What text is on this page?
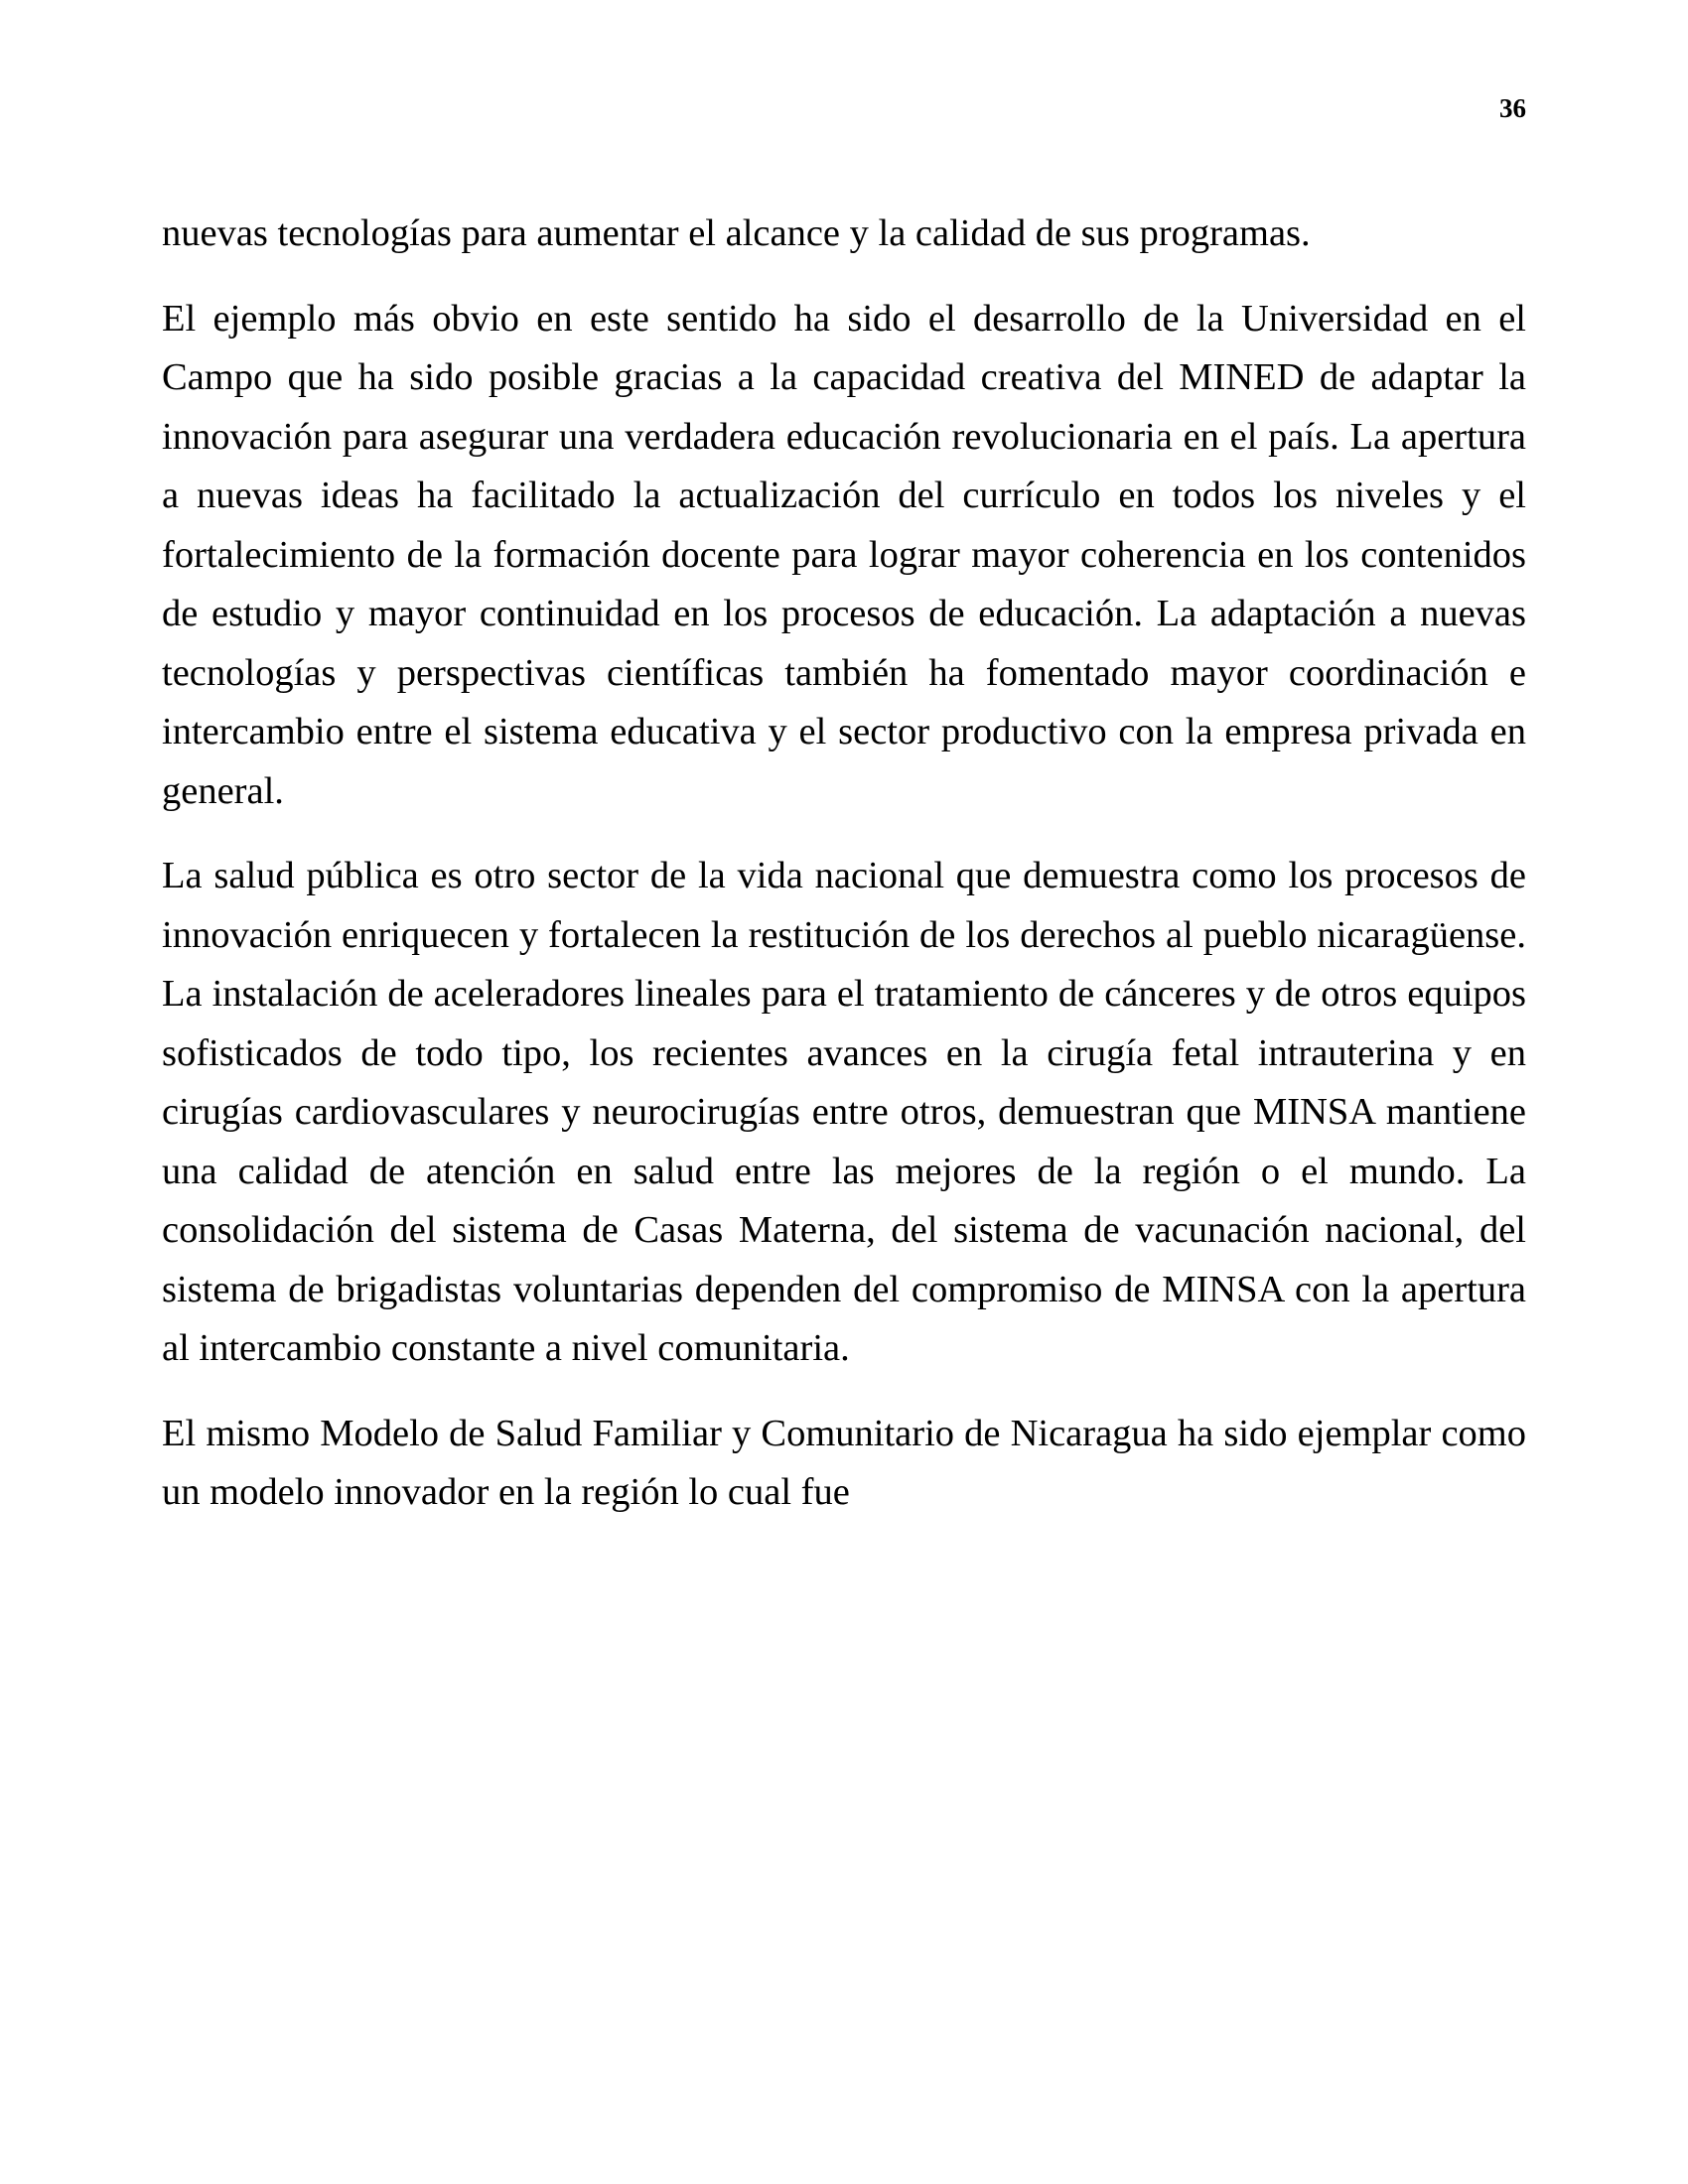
36

nuevas tecnologías para aumentar el alcance y la calidad de sus programas.

El ejemplo más obvio en este sentido ha sido el desarrollo de la Universidad en el Campo que ha sido posible gracias a la capacidad creativa del MINED de adaptar la innovación para asegurar una verdadera educación revolucionaria en el país. La apertura a nuevas ideas ha facilitado la actualización del currículo en todos los niveles y el fortalecimiento de la formación docente para lograr mayor coherencia en los contenidos de estudio y mayor continuidad en los procesos de educación. La adaptación a nuevas tecnologías y perspectivas científicas también ha fomentado mayor coordinación e intercambio entre el sistema educativa y el sector productivo con la empresa privada en general.

La salud pública es otro sector de la vida nacional que demuestra como los procesos de innovación enriquecen y fortalecen la restitución de los derechos al pueblo nicaragüense. La instalación de aceleradores lineales para el tratamiento de cánceres y de otros equipos sofisticados de todo tipo, los recientes avances en la cirugía fetal intrauterina y en cirugías cardiovasculares y neurocirugías entre otros, demuestran que MINSA mantiene una calidad de atención en salud entre las mejores de la región o el mundo. La consolidación del sistema de Casas Materna, del sistema de vacunación nacional, del sistema de brigadistas voluntarias dependen del compromiso de MINSA con la apertura al intercambio constante a nivel comunitaria.

El mismo Modelo de Salud Familiar y Comunitario de Nicaragua ha sido ejemplar como un modelo innovador en la región lo cual fue
